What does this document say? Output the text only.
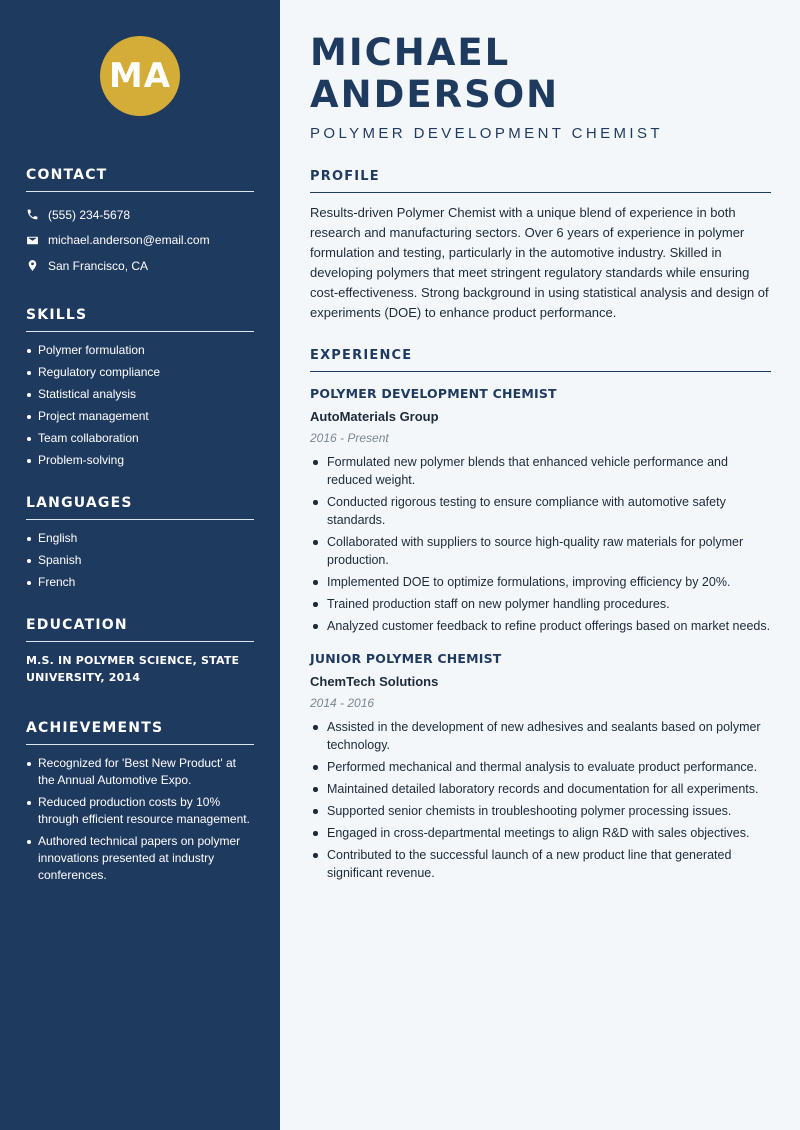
MA
CONTACT
(555) 234-5678
michael.anderson@email.com
San Francisco, CA
SKILLS
Polymer formulation
Regulatory compliance
Statistical analysis
Project management
Team collaboration
Problem-solving
LANGUAGES
English
Spanish
French
EDUCATION
M.S. IN POLYMER SCIENCE, STATE UNIVERSITY, 2014
ACHIEVEMENTS
Recognized for 'Best New Product' at the Annual Automotive Expo.
Reduced production costs by 10% through efficient resource management.
Authored technical papers on polymer innovations presented at industry conferences.
MICHAEL ANDERSON
POLYMER DEVELOPMENT CHEMIST
PROFILE

Results-driven Polymer Chemist with a unique blend of experience in both research and manufacturing sectors. Over 6 years of experience in polymer formulation and testing, particularly in the automotive industry. Skilled in developing polymers that meet stringent regulatory standards while ensuring cost-effectiveness. Strong background in using statistical analysis and design of experiments (DOE) to enhance product performance.

EXPERIENCE
POLYMER DEVELOPMENT CHEMIST
AutoMaterials Group
2016 - Present
Formulated new polymer blends that enhanced vehicle performance and reduced weight.
Conducted rigorous testing to ensure compliance with automotive safety standards.
Collaborated with suppliers to source high-quality raw materials for polymer production.
Implemented DOE to optimize formulations, improving efficiency by 20%.
Trained production staff on new polymer handling procedures.
Analyzed customer feedback to refine product offerings based on market needs.
JUNIOR POLYMER CHEMIST
ChemTech Solutions
2014 - 2016
Assisted in the development of new adhesives and sealants based on polymer technology.
Performed mechanical and thermal analysis to evaluate product performance.
Maintained detailed laboratory records and documentation for all experiments.
Supported senior chemists in troubleshooting polymer processing issues.
Engaged in cross-departmental meetings to align R&D with sales objectives.
Contributed to the successful launch of a new product line that generated significant revenue.
